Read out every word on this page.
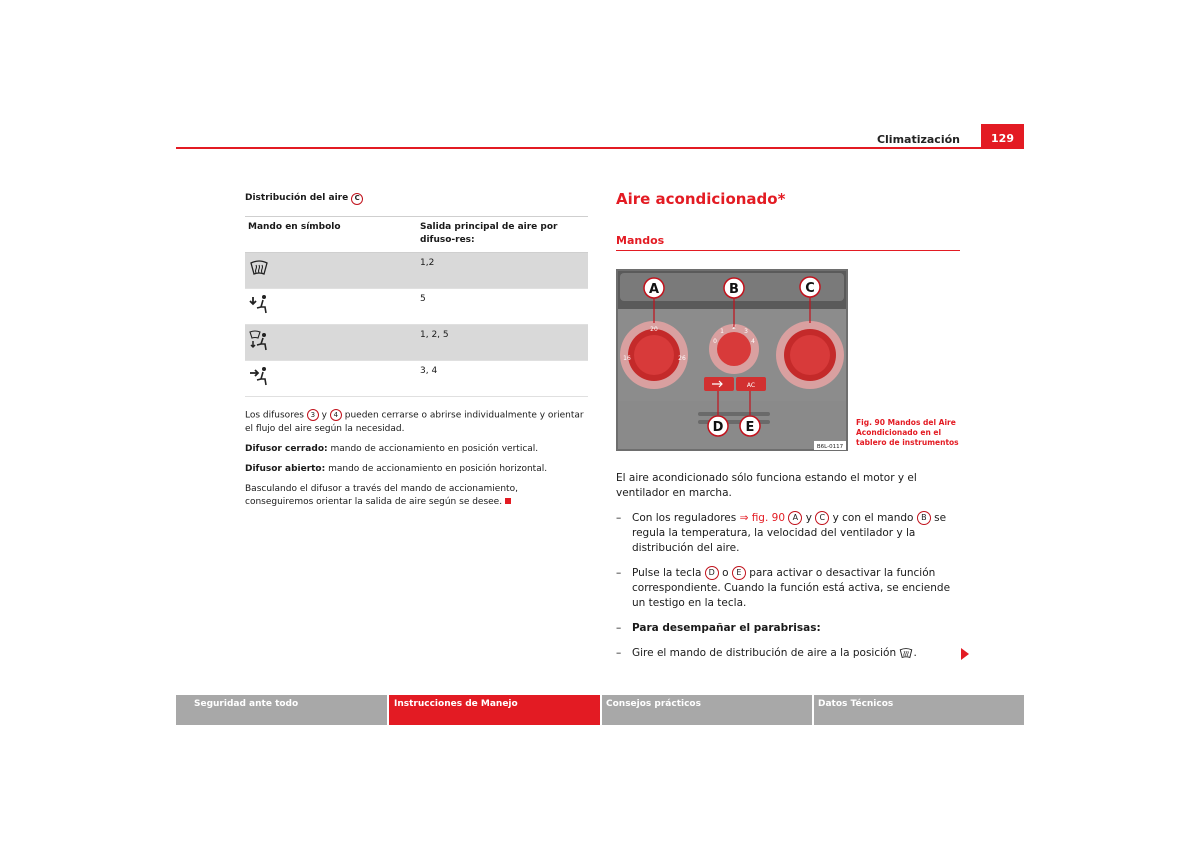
Climatización	129
Distribución del aire C
Mando en símbolo	Salida principal de aire por difuso-res:
	1,2
	5
	1, 2, 5
	3, 4

Los difusores 3 y 4 pueden cerrarse o abrirse individualmente y orientar el flujo del aire según la necesidad.

Difusor cerrado: mando de accionamiento en posición vertical.

Difusor abierto: mando de accionamiento en posición horizontal.

Basculando el difusor a través del mando de accionamiento, conseguiremos orientar la salida de aire según se desee.

Aire acondicionado*
Mandos
20
16	26
0
1
2
3
4
AC
A	B	C
D E
B6L-0117
Fig. 90 Mandos del Aire Acondicionado en el tablero de instrumentos

El aire acondicionado sólo funciona estando el motor y el ventilador en marcha.

–	Con los reguladores ⇒ fig. 90 A y C y con el mando B se regula la temperatura, la velocidad del ventilador y la distribución del aire.
–	Pulse la tecla D o E para activar o desactivar la función correspondiente. Cuando la función está activa, se enciende un testigo en la tecla.
–	Para desempañar el parabrisas:
–	Gire el mando de distribución de aire a la posición .
Seguridad ante todo	Instrucciones de Manejo	Consejos prácticos	Datos Técnicos
